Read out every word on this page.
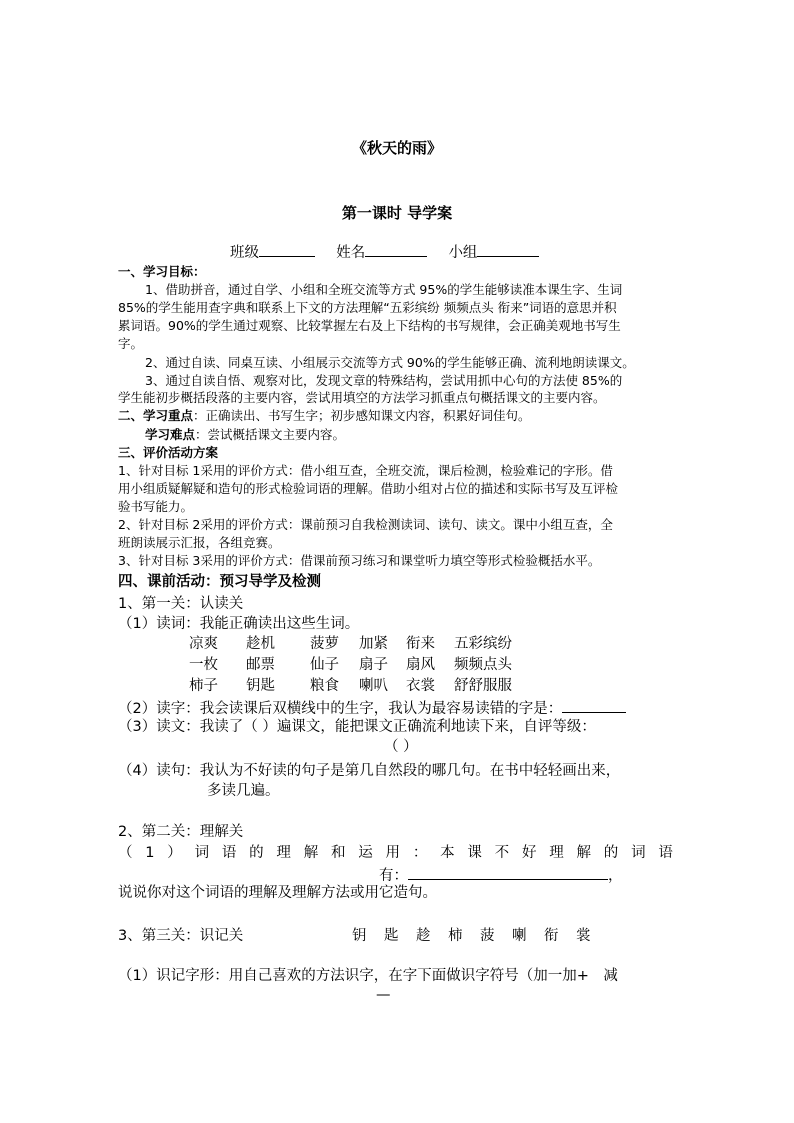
《秋天的雨》
第一课时 导学案
班级	姓名	小组
一、学习目标：
1、借助拼音，通过自学、小组和全班交流等方式 95%的学生能够读准本课生字、生词
85%的学生能用查字典和联系上下文的方法理解“五彩缤纷 频频点头 衔来”词语的意思并积
累词语。90%的学生通过观察、比较掌握左右及上下结构的书写规律，会正确美观地书写生
字。
2、通过自读、同桌互读、小组展示交流等方式 90%的学生能够正确、流利地朗读课文。
3、通过自读自悟、观察对比，发现文章的特殊结构，尝试用抓中心句的方法使 85%的
学生能初步概括段落的主要内容，尝试用填空的方法学习抓重点句概括课文的主要内容。
二、学习重点：正确读出、书写生字；初步感知课文内容，积累好词佳句。
学习难点：尝试概括课文主要内容。
三、评价活动方案
1、针对目标 1采用的评价方式：借小组互查，全班交流，课后检测，检验难记的字形。借
用小组质疑解疑和造句的形式检验词语的理解。借助小组对占位的描述和实际书写及互评检
验书写能力。
2、针对目标 2采用的评价方式：课前预习自我检测读词、读句、读文。课中小组互查，全
班朗读展示汇报，各组竞赛。
3、针对目标 3采用的评价方式：借课前预习练习和课堂听力填空等形式检验概括水平。
四、课前活动：预习导学及检测
1、第一关：认读关
（1）读词：我能正确读出这些生词。
凉爽 趁机 菠萝 加紧 衔来 五彩缤纷
一枚 邮票 仙子 扇子 扇风 频频点头
柿子 钥匙 粮食 喇叭 衣裳 舒舒服服
（2）读字：我会读课后双横线中的生字，我认为最容易读错的字是：
（3）读文：我读了（ ）遍课文，能把课文正确流利地读下来，自评等级：
（ ）
（4）读句：我认为不好读的句子是第几自然段的哪几句。在书中轻轻画出来，
多读几遍。
2、第二关：理解关
（ 1 ） 词 语 的 理 解 和 运 用 ： 本 课 不 好 理 解 的 词 语
有：	，
说说你对这个词语的理解及理解方法或用它造句。
3、第三关：识记关	钥 匙 趁 柿 菠 喇 衔 裳
（1）识记字形：用自己喜欢的方法识字，在字下面做识字符号（加一加+　减
—
